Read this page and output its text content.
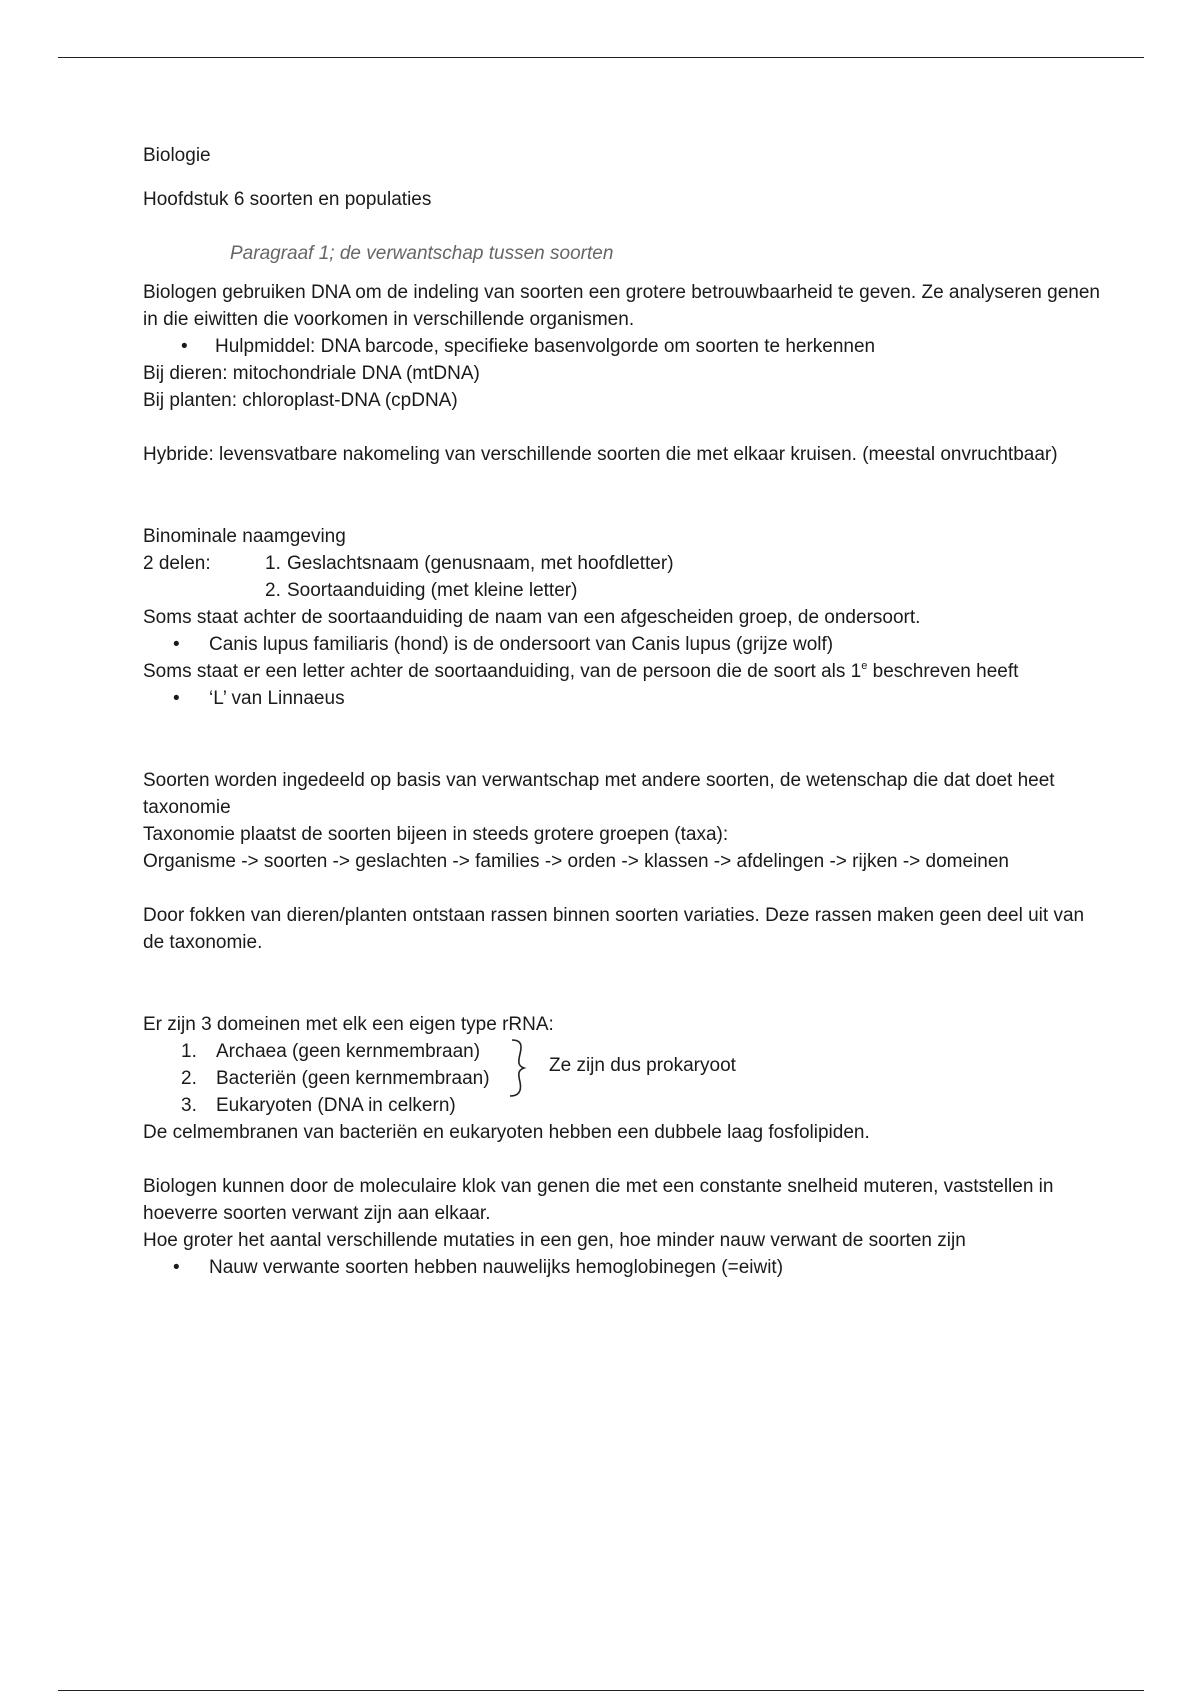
Biologie

Hoofdstuk 6 soorten en populaties

Paragraaf 1; de verwantschap tussen soorten

Biologen gebruiken DNA om de indeling van soorten een grotere betrouwbaarheid te geven. Ze analyseren genen in die eiwitten die voorkomen in verschillende organismen.

• Hulpmiddel: DNA barcode, specifieke basenvolgorde om soorten te herkennen

Bij dieren: mitochondriale DNA (mtDNA)

Bij planten: chloroplast-DNA (cpDNA)

Hybride: levensvatbare nakomeling van verschillende soorten die met elkaar kruisen. (meestal onvruchtbaar)

Binominale naamgeving

2 delen:	1. Geslachtsnaam (genusnaam, met hoofdletter)
2. Soortaanduiding (met kleine letter)

Soms staat achter de soortaanduiding de naam van een afgescheiden groep, de ondersoort.

• Canis lupus familiaris (hond) is de ondersoort van Canis lupus (grijze wolf)

Soms staat er een letter achter de soortaanduiding, van de persoon die de soort als 1e beschreven heeft

• ‘L’ van Linnaeus

Soorten worden ingedeeld op basis van verwantschap met andere soorten, de wetenschap die dat doet heet taxonomie

Taxonomie plaatst de soorten bijeen in steeds grotere groepen (taxa):

Organisme -> soorten -> geslachten -> families -> orden -> klassen -> afdelingen -> rijken -> domeinen

Door fokken van dieren/planten ontstaan rassen binnen soorten variaties. Deze rassen maken geen deel uit van de taxonomie.

Er zijn 3 domeinen met elk een eigen type rRNA:

1. Archaea (geen kernmembraan)
2. Bacteriën (geen kernmembraan)
3. Eukaryoten (DNA in celkern)
Ze zijn dus prokaryoot

De celmembranen van bacteriën en eukaryoten hebben een dubbele laag fosfolipiden.

Biologen kunnen door de moleculaire klok van genen die met een constante snelheid muteren, vaststellen in hoeverre soorten verwant zijn aan elkaar.

Hoe groter het aantal verschillende mutaties in een gen, hoe minder nauw verwant de soorten zijn

• Nauw verwante soorten hebben nauwelijks hemoglobinegen (=eiwit)
